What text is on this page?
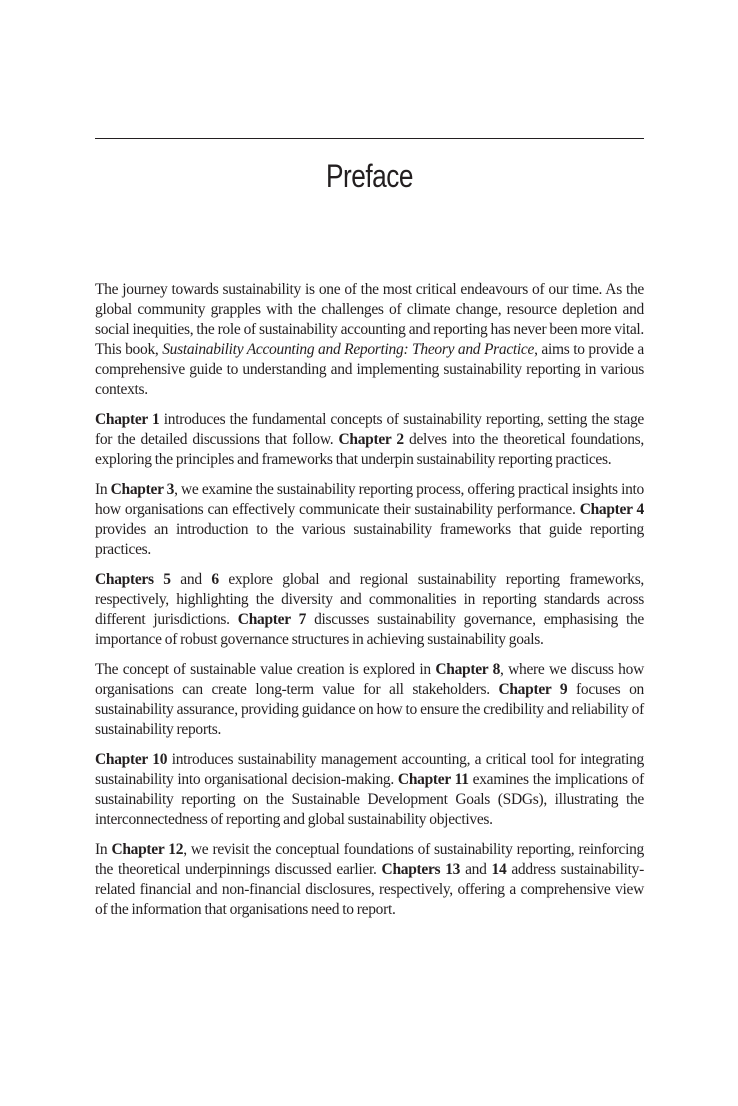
Preface

The journey towards sustainability is one of the most critical endeavours of our time. As the global community grapples with the challenges of climate change, resource depletion and social inequities, the role of sustainability accounting and reporting has never been more vital. This book, Sustainability Accounting and Reporting: Theory and Practice, aims to provide a comprehensive guide to understanding and implementing sustainability reporting in various contexts.

Chapter 1 introduces the fundamental concepts of sustainability reporting, setting the stage for the detailed discussions that follow. Chapter 2 delves into the theoretical foundations, exploring the principles and frameworks that underpin sustainability reporting practices.

In Chapter 3, we examine the sustainability reporting process, offering practical insights into how organisations can effectively communicate their sustainability performance. Chapter 4 provides an introduction to the various sustainability frameworks that guide reporting practices.

Chapters 5 and 6 explore global and regional sustainability reporting frameworks, respectively, highlighting the diversity and commonalities in reporting standards across different jurisdictions. Chapter 7 discusses sustainability governance, emphasising the importance of robust governance structures in achieving sustainability goals.

The concept of sustainable value creation is explored in Chapter 8, where we discuss how organisations can create long-term value for all stakeholders. Chapter 9 focuses on sustainability assurance, providing guidance on how to ensure the credibility and reliability of sustainability reports.

Chapter 10 introduces sustainability management accounting, a critical tool for integrating sustainability into organisational decision-making. Chapter 11 examines the implications of sustainability reporting on the Sustainable Development Goals (SDGs), illustrating the interconnectedness of reporting and global sustainability objectives.

In Chapter 12, we revisit the conceptual foundations of sustainability reporting, reinforcing the theoretical underpinnings discussed earlier. Chapters 13 and 14 address sustainability-related financial and non-financial disclosures, respectively, offering a comprehensive view of the information that organisations need to report.
